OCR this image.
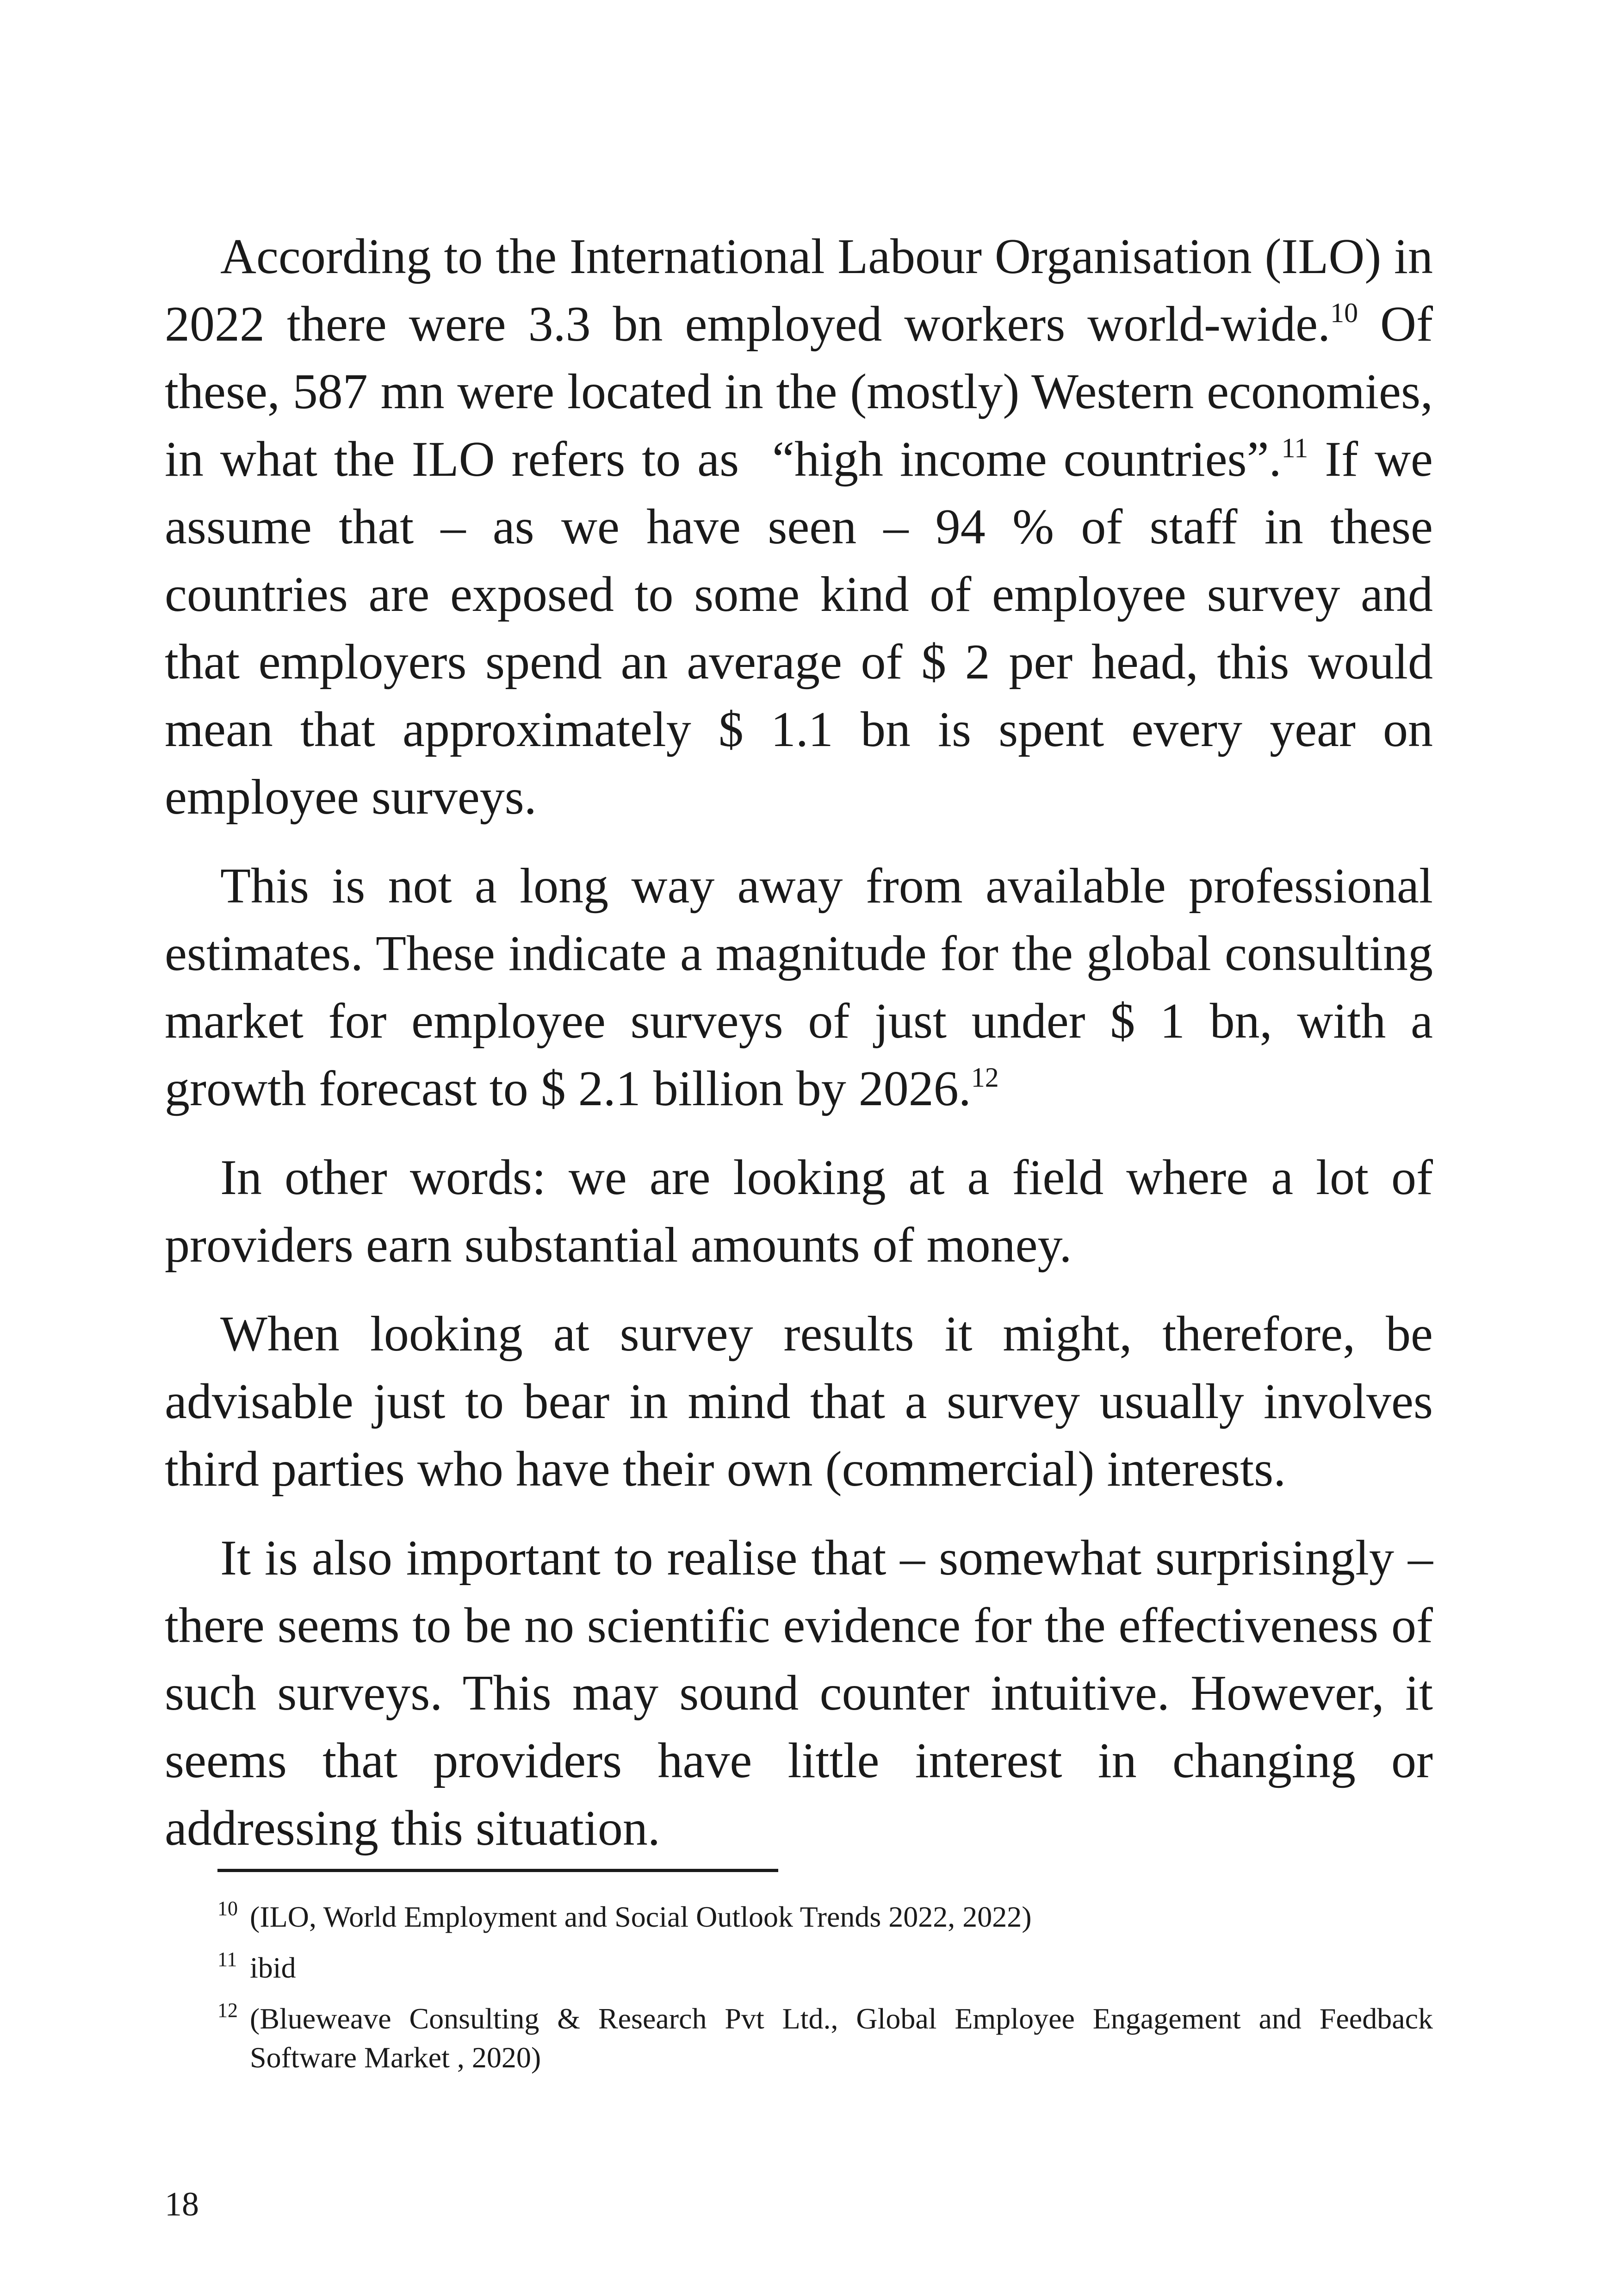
According to the International Labour Organisation (ILO) in 2022 there were 3.3 bn employed workers world-wide.$^{10}$ Of these, 587 mn were located in the (mostly) Western economies, in what the ILO refers to as  “high income countries”.$^{11}$ If we assume that – as we have seen – 94 % of staff in these countries are exposed to some kind of employee survey and that employers spend an average of $ 2 per head, this would mean that approximately $ 1.1 bn is spent every year on employee surveys.

This is not a long way away from available professional estimates. These indicate a magnitude for the global consulting market for employee surveys of just under $ 1 bn, with a growth forecast to $ 2.1 billion by 2026.12

In other words: we are looking at a field where a lot of providers earn substantial amounts of money.

When looking at survey results it might, therefore, be advisable just to bear in mind that a survey usually involves third parties who have their own (commercial) interests.

It is also important to realise that – somewhat surprisingly – there seems to be no scientific evidence for the effectiveness of such surveys. This may sound counter intuitive. However, it seems that providers have little interest in changing or addressing this situation.

10 (ILO, World Employment and Social Outlook Trends 2022, 2022)
11 ibid
12 (Blueweave Consulting & Research Pvt Ltd., Global Employee Engagement and Feedback Software Market , 2020)
18
